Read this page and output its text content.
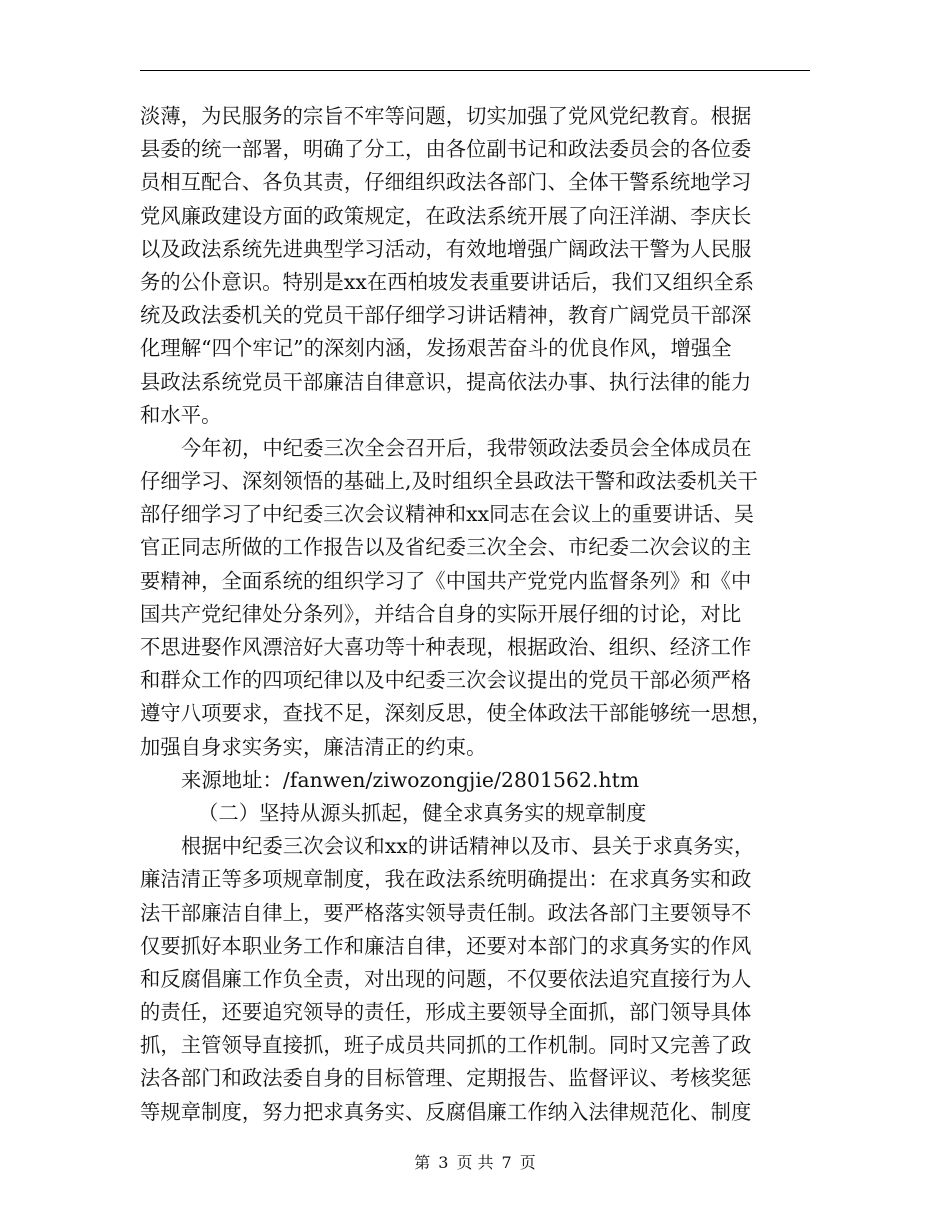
淡薄，为民服务的宗旨不牢等问题，切实加强了党风党纪教育。根据
县委的统一部署，明确了分工，由各位副书记和政法委员会的各位委
员相互配合、各负其责，仔细组织政法各部门、全体干警系统地学习
党风廉政建设方面的政策规定，在政法系统开展了向汪洋湖、李庆长
以及政法系统先进典型学习活动，有效地增强广阔政法干警为人民服
务的公仆意识。特别是xx在西柏坡发表重要讲话后，我们又组织全系
统及政法委机关的党员干部仔细学习讲话精神，教育广阔党员干部深
化理解“四个牢记”的深刻内涵，发扬艰苦奋斗的优良作风，增强全
县政法系统党员干部廉洁自律意识，提高依法办事、执行法律的能力
和水平。
今年初，中纪委三次全会召开后，我带领政法委员会全体成员在
仔细学习、深刻领悟的基础上,及时组织全县政法干警和政法委机关干
部仔细学习了中纪委三次会议精神和xx同志在会议上的重要讲话、吴
官正同志所做的工作报告以及省纪委三次全会、市纪委二次会议的主
要精神，全面系统的组织学习了《中国共产党党内监督条列》和《中
国共产党纪律处分条列》，并结合自身的实际开展仔细的讨论，对比
不思进娶作风漂涪好大喜功等十种表现，根据政治、组织、经济工作
和群众工作的四项纪律以及中纪委三次会议提出的党员干部必须严格
遵守八项要求，查找不足，深刻反思，使全体政法干部能够统一思想，
加强自身求实务实，廉洁清正的约束。
来源地址：/fanwen/ziwozongjie/2801562.htm
（二）坚持从源头抓起，健全求真务实的规章制度
根据中纪委三次会议和xx的讲话精神以及市、县关于求真务实，
廉洁清正等多项规章制度，我在政法系统明确提出：在求真务实和政
法干部廉洁自律上，要严格落实领导责任制。政法各部门主要领导不
仅要抓好本职业务工作和廉洁自律，还要对本部门的求真务实的作风
和反腐倡廉工作负全责，对出现的问题，不仅要依法追究直接行为人
的责任，还要追究领导的责任，形成主要领导全面抓，部门领导具体
抓，主管领导直接抓，班子成员共同抓的工作机制。同时又完善了政
法各部门和政法委自身的目标管理、定期报告、监督评议、考核奖惩
等规章制度，努力把求真务实、反腐倡廉工作纳入法律规范化、制度
第 3 页 共 7 页
